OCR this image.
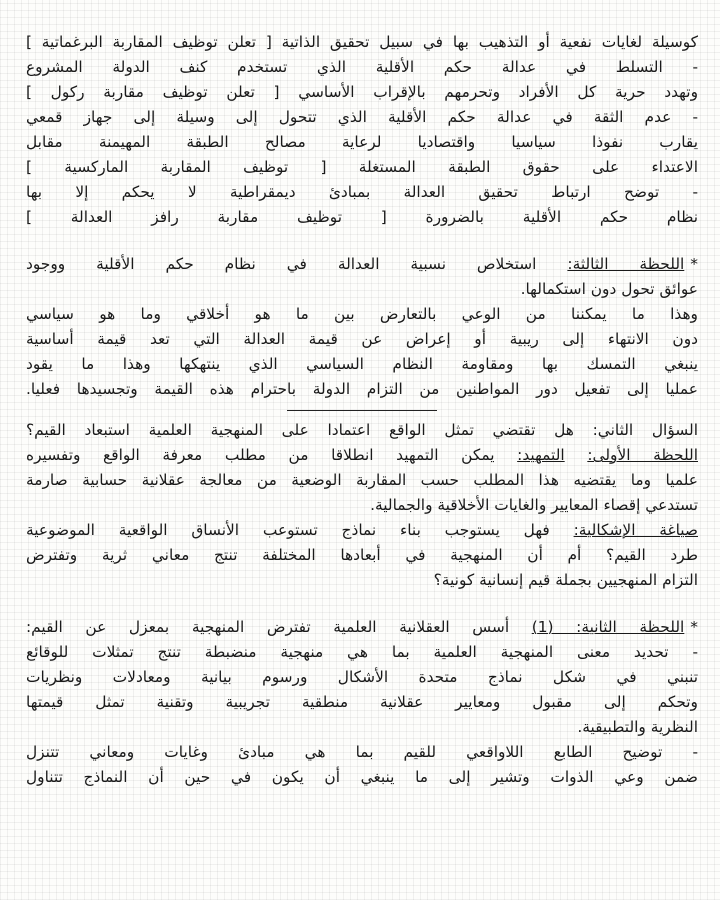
كوسيلة لغايات نفعية أو التذهيب بها في سبيل تحقيق الذاتية [ تعلن توظيف المقاربة البرغماتية ]
- التسلط في عدالة حكم الأقلية الذي تستخدم كنف الدولة المشروع
وتهدد حرية كل الأفراد وتحرمهم بالإقراب الأساسي [ تعلن توظيف مقاربة ركول ]
- عدم الثقة في عدالة حكم الأقلية الذي تتحول إلى وسيلة إلى جهاز قمعي
يقارب نفوذا سياسيا واقتصاديا لرعاية مصالح الطبقة المهيمنة مقابل
الاعتداء على حقوق الطبقة المستغلة [ توظيف المقاربة الماركسية ]
- توضح ارتباط تحقيق العدالة بمبادئ ديمقراطية لا يحكم إلا بها
نظام حكم الأقلية بالضرورة [ توظيف مقاربة رافز العدالة ]
*اللحظة الثالثة: استخلاص نسبية العدالة في نظام حكم الأقلية ووجود
عوائق تحول دون استكمالها.
وهذا ما يمكننا من الوعي بالتعارض بين ما هو أخلاقي وما هو سياسي
دون الانتهاء إلى ريبية أو إعراض عن قيمة العدالة التي تعد قيمة أساسية
ينبغي التمسك بها ومقاومة النظام السياسي الذي ينتهكها وهذا ما يقود
عمليا إلى تفعيل دور المواطنين من التزام الدولة باحترام هذه القيمة وتجسيدها فعليا.
السؤال الثاني: هل تقتضي تمثل الواقع اعتمادا على المنهجية العلمية استبعاد القيم؟
اللحظة الأولى: التمهيد: يمكن التمهيد انطلاقا من مطلب معرفة الواقع وتفسيره
علميا وما يقتضيه هذا المطلب حسب المقاربة الوضعية من معالجة عقلانية حسابية صارمة
تستدعي إقصاء المعايير والغايات الأخلاقية والجمالية.
صياغة الإشكالية: فهل يستوجب بناء نماذج تستوعب الأنساق الواقعية الموضوعية
طرد القيم؟ أم أن المنهجية في أبعادها المختلفة تنتج معاني ثرية وتفترض
التزام المنهجيين بجملة قيم إنسانية كونية؟
*اللحظة الثانية: (1) أسس العقلانية العلمية تفترض المنهجية بمعزل عن القيم:
- تحديد معنى المنهجية العلمية بما هي منهجية منضبطة تنتج تمثلات للوقائع
تنبني في شكل نماذج متحدة الأشكال ورسوم بيانية ومعادلات ونظريات
وتحكم إلى مقبول ومعايير عقلانية منطقية تجريبية وتقنية تمثل قيمتها
النظرية والتطبيقية.
- توضيح الطابع اللاواقعي للقيم بما هي مبادئ وغايات ومعاني تتنزل
ضمن وعي الذوات وتشير إلى ما ينبغي أن يكون في حين أن النماذج تتناول
